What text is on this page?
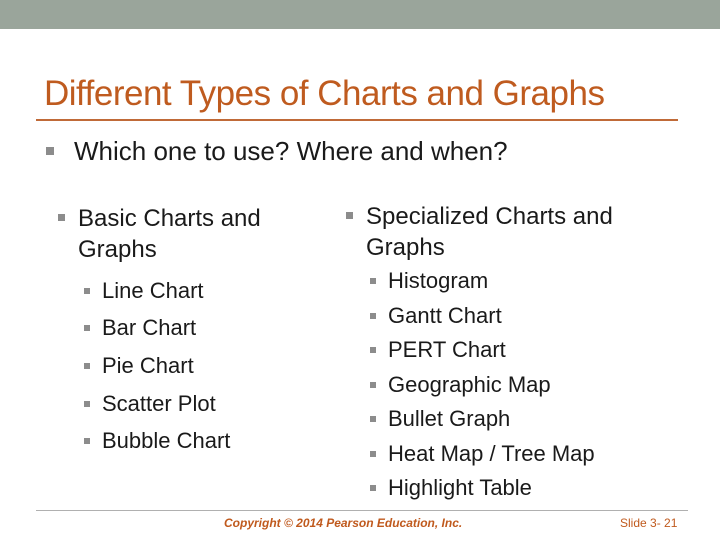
Different Types of Charts and Graphs
Which one to use? Where and when?
Basic Charts and
Graphs
Line Chart
Bar Chart
Pie Chart
Scatter Plot
Bubble Chart
Specialized Charts and
Graphs
Histogram
Gantt Chart
PERT Chart
Geographic Map
Bullet Graph
Heat Map / Tree Map
Highlight Table
Copyright © 2014 Pearson Education, Inc.	Slide 3- 21
